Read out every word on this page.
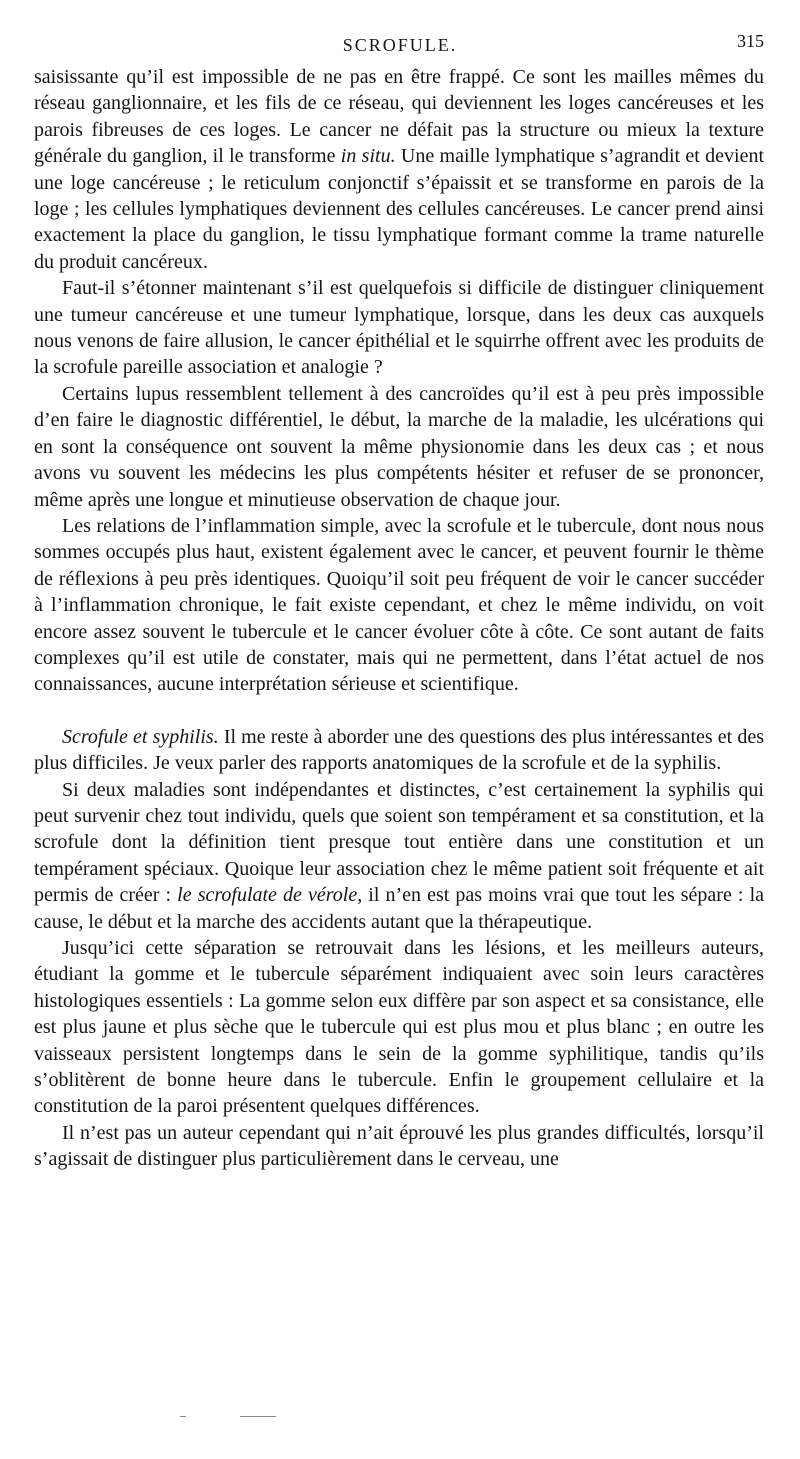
SCROFULE.	315

saisissante qu’il est impossible de ne pas en être frappé. Ce sont les mailles mêmes du réseau ganglionnaire, et les fils de ce réseau, qui deviennent les loges cancéreuses et les parois fibreuses de ces loges. Le cancer ne défait pas la structure ou mieux la texture générale du ganglion, il le transforme in situ. Une maille lymphatique s’agrandit et devient une loge cancéreuse ; le reticulum conjonctif s’épaissit et se transforme en parois de la loge ; les cellules lymphatiques deviennent des cellules cancéreuses. Le cancer prend ainsi exactement la place du ganglion, le tissu lymphatique formant comme la trame naturelle du produit cancéreux.

Faut-il s’étonner maintenant s’il est quelquefois si difficile de distinguer cliniquement une tumeur cancéreuse et une tumeur lymphatique, lorsque, dans les deux cas auxquels nous venons de faire allusion, le cancer épithélial et le squirrhe offrent avec les produits de la scrofule pareille association et analogie ?

Certains lupus ressemblent tellement à des cancroïdes qu’il est à peu près impossible d’en faire le diagnostic différentiel, le début, la marche de la maladie, les ulcérations qui en sont la conséquence ont souvent la même physionomie dans les deux cas ; et nous avons vu souvent les médecins les plus compétents hésiter et refuser de se prononcer, même après une longue et minutieuse observation de chaque jour.

Les relations de l’inflammation simple, avec la scrofule et le tubercule, dont nous nous sommes occupés plus haut, existent également avec le cancer, et peuvent fournir le thème de réflexions à peu près identiques. Quoiqu’il soit peu fréquent de voir le cancer succéder à l’inflammation chronique, le fait existe cependant, et chez le même individu, on voit encore assez souvent le tubercule et le cancer évoluer côte à côte. Ce sont autant de faits complexes qu’il est utile de constater, mais qui ne permettent, dans l’état actuel de nos connaissances, aucune interprétation sérieuse et scientifique.

Scrofule et syphilis. Il me reste à aborder une des questions des plus intéressantes et des plus difficiles. Je veux parler des rapports anatomiques de la scrofule et de la syphilis.

Si deux maladies sont indépendantes et distinctes, c’est certainement la syphilis qui peut survenir chez tout individu, quels que soient son tempérament et sa constitution, et la scrofule dont la définition tient presque tout entière dans une constitution et un tempérament spéciaux. Quoique leur association chez le même patient soit fréquente et ait permis de créer : le scrofulate de vérole, il n’en est pas moins vrai que tout les sépare : la cause, le début et la marche des accidents autant que la thérapeutique.

Jusqu’ici cette séparation se retrouvait dans les lésions, et les meilleurs auteurs, étudiant la gomme et le tubercule séparément indiquaient avec soin leurs caractères histologiques essentiels : La gomme selon eux diffère par son aspect et sa consistance, elle est plus jaune et plus sèche que le tubercule qui est plus mou et plus blanc ; en outre les vaisseaux persistent longtemps dans le sein de la gomme syphilitique, tandis qu’ils s’oblitèrent de bonne heure dans le tubercule. Enfin le groupement cellulaire et la constitution de la paroi présentent quelques différences.

Il n’est pas un auteur cependant qui n’ait éprouvé les plus grandes difficultés, lorsqu’il s’agissait de distinguer plus particulièrement dans le cerveau, une
